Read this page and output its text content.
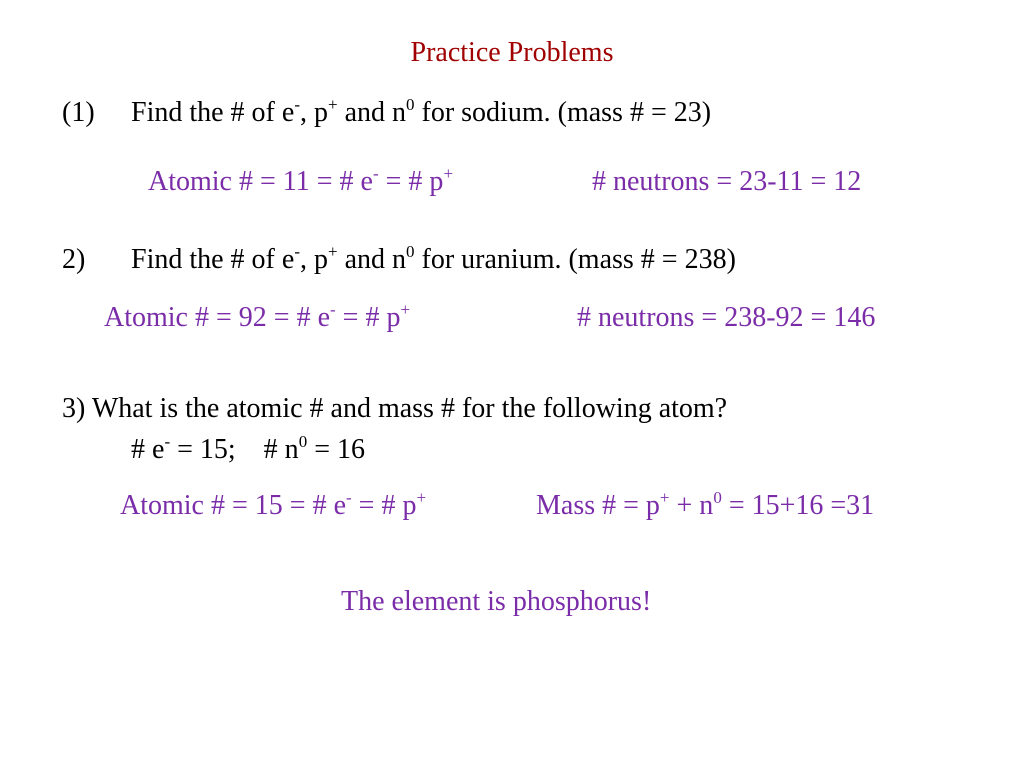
Practice Problems
(1) Find the # of e-, p+ and $n^0$ for sodium. (mass # = 23)
Atomic # = 11 = # e- = # p+	# neutrons = 23-11 = 12
2) Find the # of e-, p+ and $n^0$ for uranium. (mass # = 238)
Atomic # = 92 = # e- = # p+	# neutrons = 238-92 = 146
3) What is the atomic # and mass # for the following atom?
# e- = 15;    # $n^0 = 16$
Atomic # = 15 = # e- = # p+	Mass # = $p^+ + n^0 = 15+16 =31$
The element is phosphorus!
